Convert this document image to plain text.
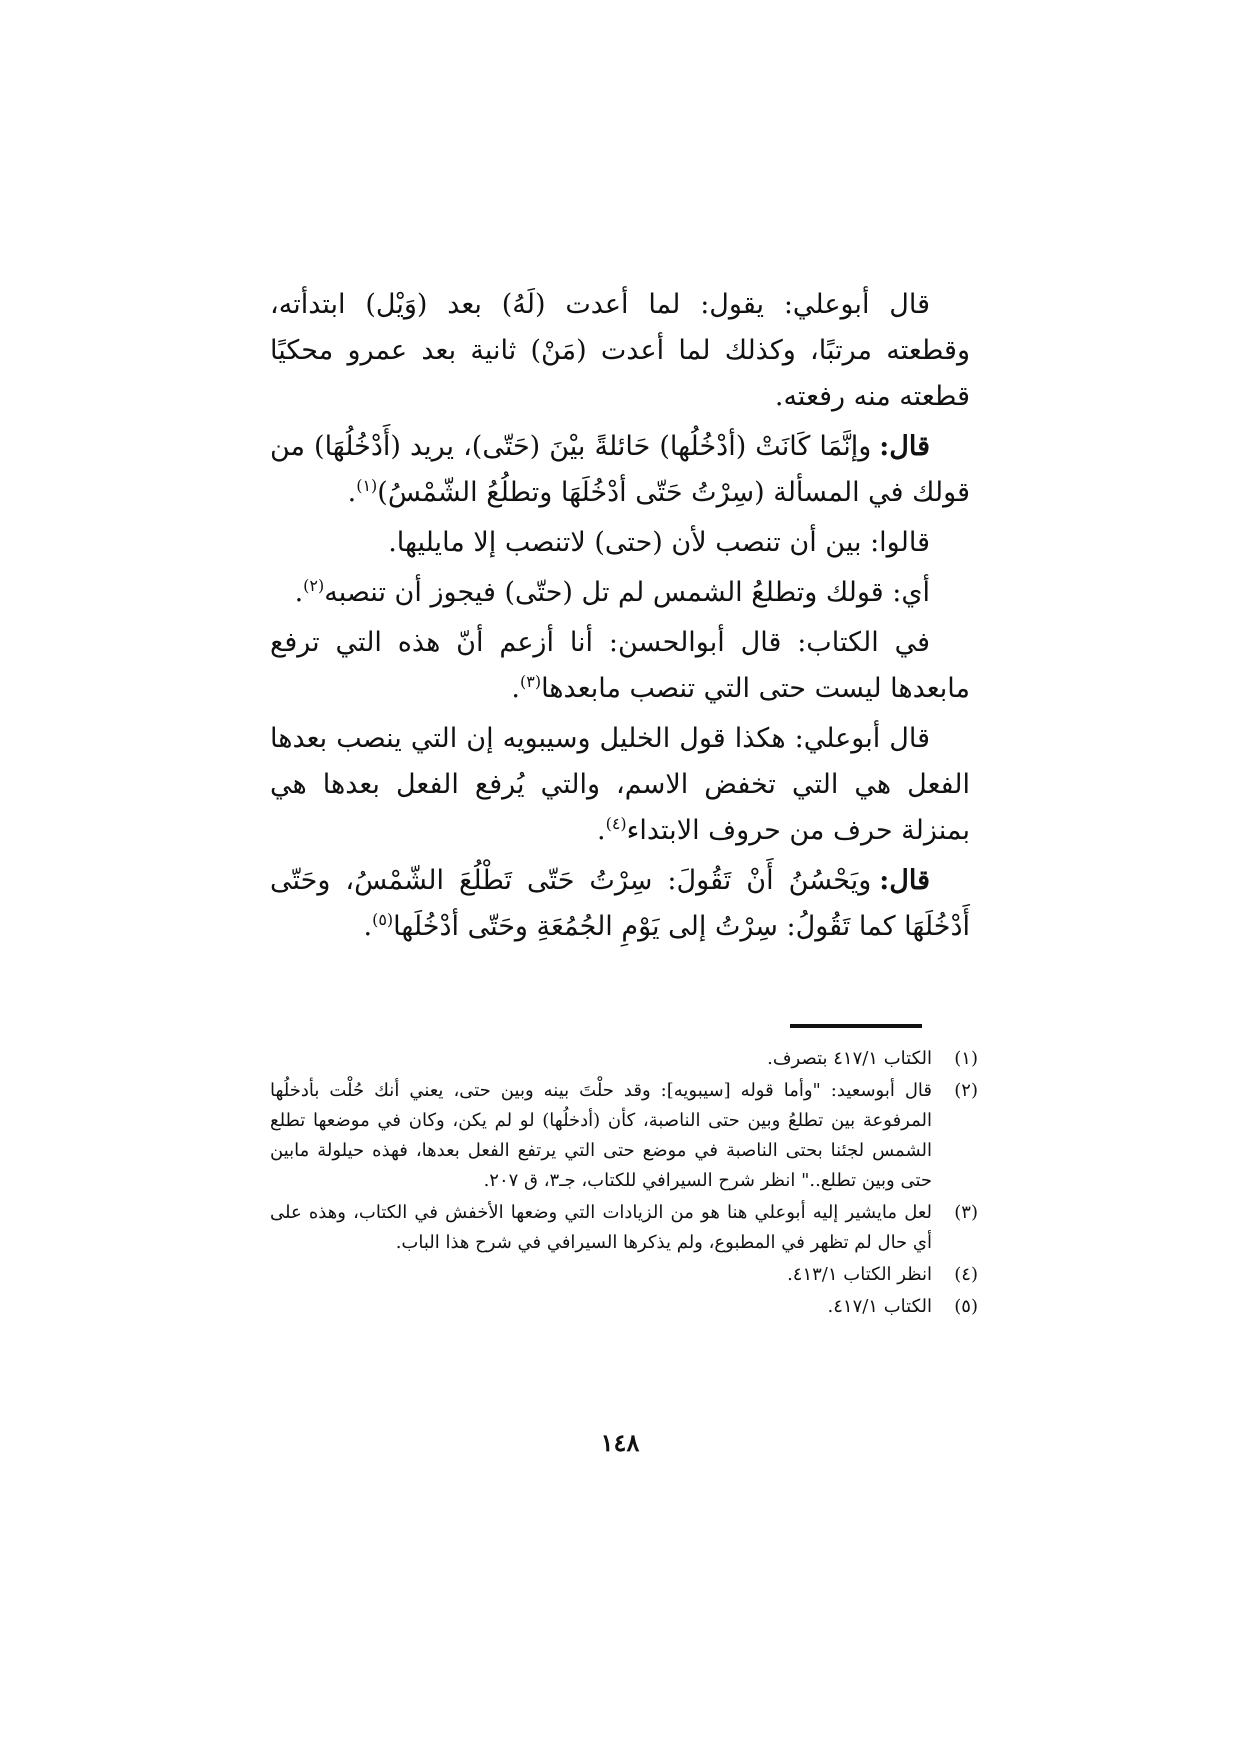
قال أبوعلي: يقول: لما أعدت (لَهُ) بعد (وَيْل) ابتدأته، وقطعته مرتبًا، وكذلك لما أعدت (مَنْ) ثانية بعد عمرو محكيًا قطعته منه رفعته.

قال:وإنَّمَا كَانَتْ (أدْخُلُها) حَائلةً بيْنَ (حَتّى)، يريد (أَدْخُلُهَا) من قولك في المسألة (سِرْتُ حَتّى أدْخُلَهَا وتطلُعُ الشّمْسُ)$^{(١)}$.

قالوا: بين أن تنصب لأن (حتى) لاتنصب إلا مايليها.

أي: قولك وتطلعُ الشمس لم تل (حتّى) فيجوز أن تنصبه$^{(٢)}$.

في الكتاب: قال أبوالحسن: أنا أزعم أنّ هذه التي ترفع مابعدها ليست حتى التي تنصب مابعدها$^{(٣)}$.

قال أبوعلي: هكذا قول الخليل وسيبويه إن التي ينصب بعدها الفعل هي التي تخفض الاسم، والتي يُرفع الفعل بعدها هي بمنزلة حرف من حروف الابتداء$^{(٤)}$.

قال:ويَحْسُنُ أَنْ تَقُولَ: سِرْتُ حَتّى تَطْلُعَ الشّمْسُ، وحَتّى أَدْخُلَهَا كما تَقُولُ: سِرْتُ إلى يَوْمِ الجُمُعَةِ وحَتّى أدْخُلَها$^{(٥)}$.

(١)
الكتاب ٤١٧/١ بتصرف.
(٢)
قال أبوسعيد: "وأما قوله [سيبويه]: وقد حلْتَ بينه وبين حتى، يعني أنك حُلْت بأدخلُها المرفوعة بين تطلعُ وبين حتى الناصبة، كأن (أدخلُها) لو لم يكن، وكان في موضعها تطلع الشمس لجئنا بحتى الناصبة في موضع حتى التي يرتفع الفعل بعدها، فهذه حيلولة مابين حتى وبين تطلع.." انظر شرح السيرافي للكتاب، جـ٣، ق ٢٠٧.
(٣)
لعل مايشير إليه أبوعلي هنا هو من الزيادات التي وضعها الأخفش في الكتاب، وهذه على أي حال لم تظهر في المطبوع، ولم يذكرها السيرافي في شرح هذا الباب.
(٤)
انظر الكتاب ٤١٣/١.
(٥)
الكتاب ٤١٧/١.
١٤٨
